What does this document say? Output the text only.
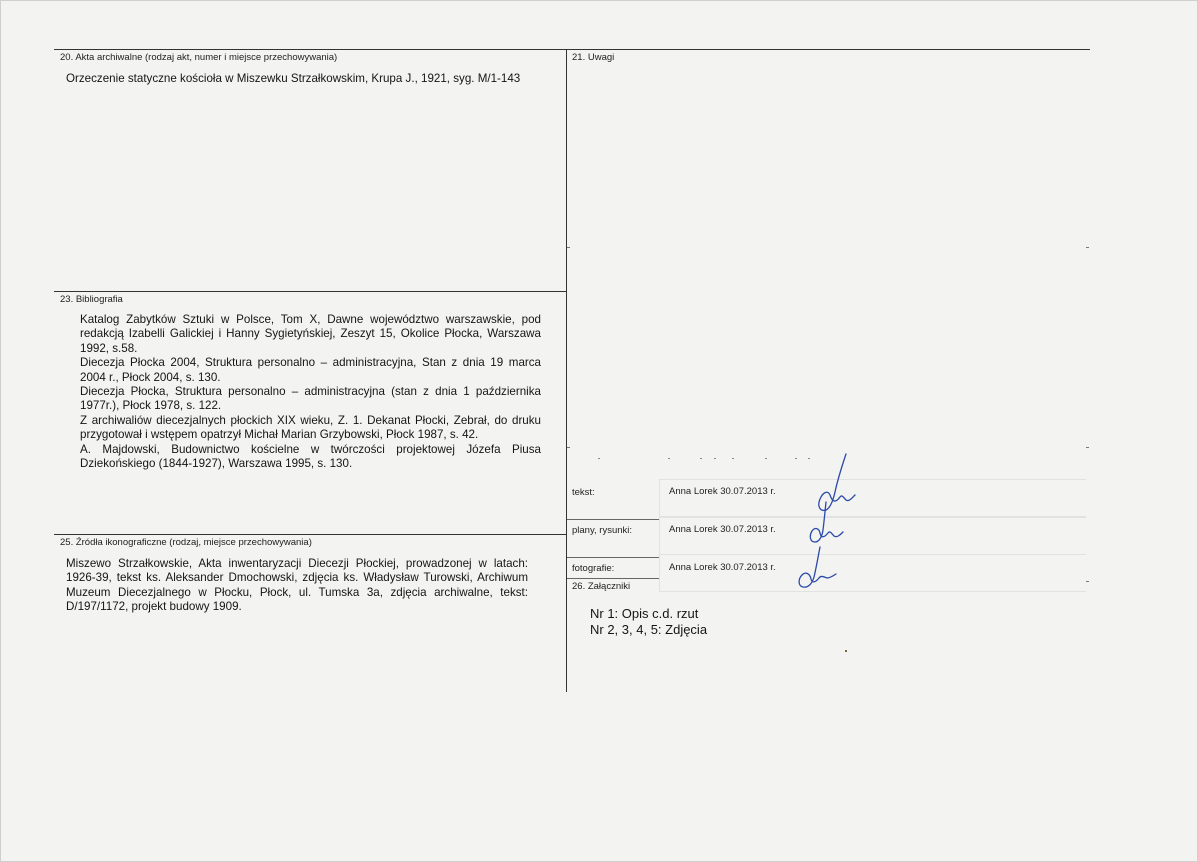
20. Akta archiwalne (rodzaj akt, numer i miejsce przechowywania)
Orzeczenie statyczne kościoła w Miszewku Strzałkowskim, Krupa J., 1921, syg. M/1-143
21. Uwagi
23. Bibliografia

Katalog Zabytków Sztuki w Polsce, Tom X, Dawne województwo warszawskie, pod redakcją Izabelli Galickiej i Hanny Sygietyńskiej, Zeszyt 15, Okolice Płocka, Warszawa 1992, s.58.

Diecezja Płocka 2004, Struktura personalno – administracyjna, Stan z dnia 19 marca 2004 r., Płock 2004, s. 130.

Diecezja Płocka, Struktura personalno – administracyjna (stan z dnia 1 października 1977r.), Płock 1978, s. 122.

Z archiwaliów diecezjalnych płockich XIX wieku, Z. 1. Dekanat Płocki, Zebrał, do druku przygotował i wstępem opatrzył Michał Marian Grzybowski, Płock 1987, s. 42.

A. Majdowski, Budownictwo kościelne w twórczości projektowej Józefa Piusa Dziekońskiego (1844-1927), Warszawa 1995, s. 130.

25. Źródła ikonograficzne (rodzaj, miejsce przechowywania)
Miszewo Strzałkowskie, Akta inwentaryzacji Diecezji Płockiej, prowadzonej w latach: 1926-39, tekst ks. Aleksander Dmochowski, zdjęcia ks. Władysław Turowski, Archiwum Muzeum Diecezjalnego w Płocku, Płock, ul. Tumska 3a, zdjęcia archiwalne, tekst: D/197/1172, projekt budowy 1909.
tekst:	Anna Lorek 30.07.2013 r.
plany, rysunki:	Anna Lorek 30.07.2013 r.
fotografie:	Anna Lorek 30.07.2013 r.
26. Załączniki
Nr 1: Opis c.d. rzut
Nr 2, 3, 4, 5: Zdjęcia
